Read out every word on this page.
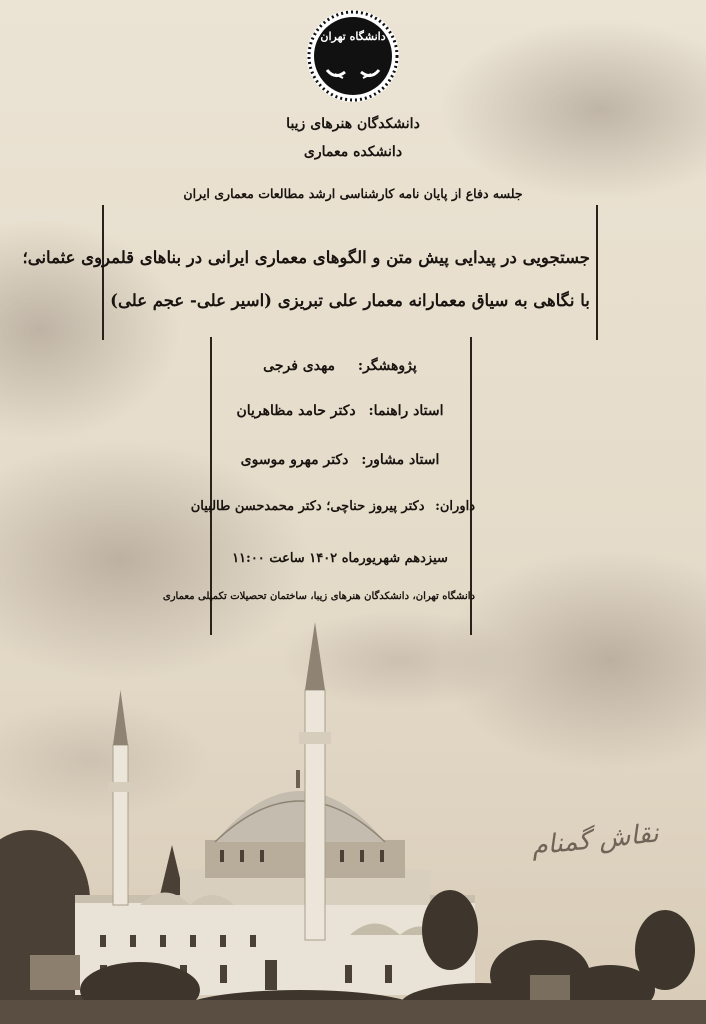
دانشگاه تهران
دانشکدگان هنرهای زیبا
دانشکده معماری
جلسه دفاع از پایان نامه کارشناسی ارشد مطالعات معماری ایران
جستجویی در پیدایی پیش متن و الگوهای معماری ایرانی در بناهای قلمروی عثمانی؛
با نگاهی به سیاق معمارانه معمار علی تبریزی (اسیر علی- عجم علی)
پژوهشگر: مهدی فرجی
استاد راهنما: دکتر حامد مظاهریان
استاد مشاور: دکتر مهرو موسوی
داوران: دکتر پیروز حناچی؛ دکتر محمدحسن طالبیان
سیزدهم شهریورماه ۱۴۰۲ ساعت ۱۱:۰۰
دانشگاه تهران، دانشکدگان هنرهای زیبا، ساختمان تحصیلات تکمیلی معماری
نقاش گمنام
